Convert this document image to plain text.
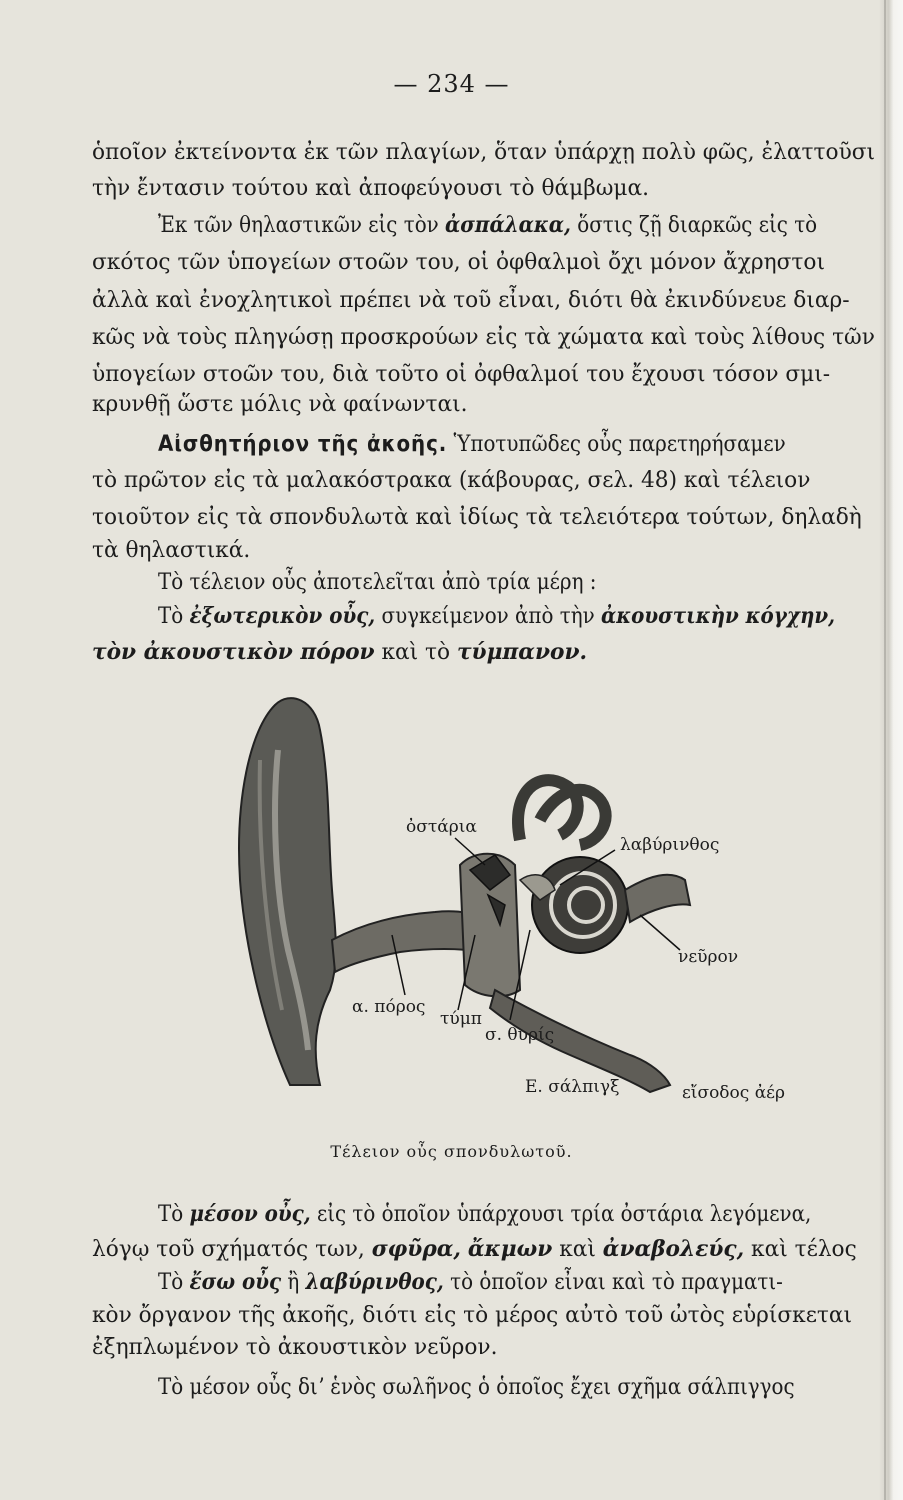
— 234 —
ὁποῖον ἐκτείνοντα ἐκ τῶν πλαγίων, ὅταν ὑπάρχῃ πολὺ φῶς, ἐλαττοῦσι
τὴν ἔντασιν τούτου καὶ ἀποφεύγουσι τὸ θάμβωμα.
Ἐκ τῶν θηλαστικῶν εἰς τὸν ἀσπάλακα, ὅστις ζῇ διαρκῶς εἰς τὸ
σκότος τῶν ὑπογείων στοῶν του, οἱ ὀφθαλμοὶ ὄχι μόνον ἄχρηστοι
ἀλλὰ καὶ ἐνοχλητικοὶ πρέπει νὰ τοῦ εἶναι, διότι θὰ ἐκινδύνευε διαρ-
κῶς νὰ τοὺς πληγώσῃ προσκρούων εἰς τὰ χώματα καὶ τοὺς λίθους τῶν
ὑπογείων στοῶν του, διὰ τοῦτο οἱ ὀφθαλμοί του ἔχουσι τόσον σμι-
κρυνθῇ ὥστε μόλις νὰ φαίνωνται.
Αἰσθητήριον τῆς ἀκοῆς. Ὑποτυπῶδες οὖς παρετηρήσαμεν
τὸ πρῶτον εἰς τὰ μαλακόστρακα (κάβουρας, σελ. 48) καὶ τέλειον
τοιοῦτον εἰς τὰ σπονδυλωτὰ καὶ ἰδίως τὰ τελειότερα τούτων, δηλαδὴ
τὰ θηλαστικά.
Τὸ τέλειον οὖς ἀποτελεῖται ἀπὸ τρία μέρη :
Τὸ ἐξωτερικὸν οὖς, συγκείμενον ἀπὸ τὴν ἀκουστικὴν κόγχην,
τὸν ἀκουστικὸν πόρον καὶ τὸ τύμπανον.
ὀστάρια
λαβύρινθος
νεῦρον
α. πόρος
τύμπ
σ. θυρίς
Ε. σάλπιγξ	εἴσοδος ἀέρ
Τέλειον οὖς σπονδυλωτοῦ.
Τὸ μέσον οὖς, εἰς τὸ ὁποῖον ὑπάρχουσι τρία ὀστάρια λεγόμενα,
λόγῳ τοῦ σχήματός των, σφῦρα, ἄκμων καὶ ἀναβολεύς, καὶ τέλος
Τὸ ἔσω οὖς ἢ λαβύρινθος, τὸ ὁποῖον εἶναι καὶ τὸ πραγματι-
κὸν ὄργανον τῆς ἀκοῆς, διότι εἰς τὸ μέρος αὐτὸ τοῦ ὠτὸς εὑρίσκεται
ἐξηπλωμένον τὸ ἀκουστικὸν νεῦρον.
Τὸ μέσον οὖς διʼ ἑνὸς σωλῆνος ὁ ὁποῖος ἔχει σχῆμα σάλπιγγος
